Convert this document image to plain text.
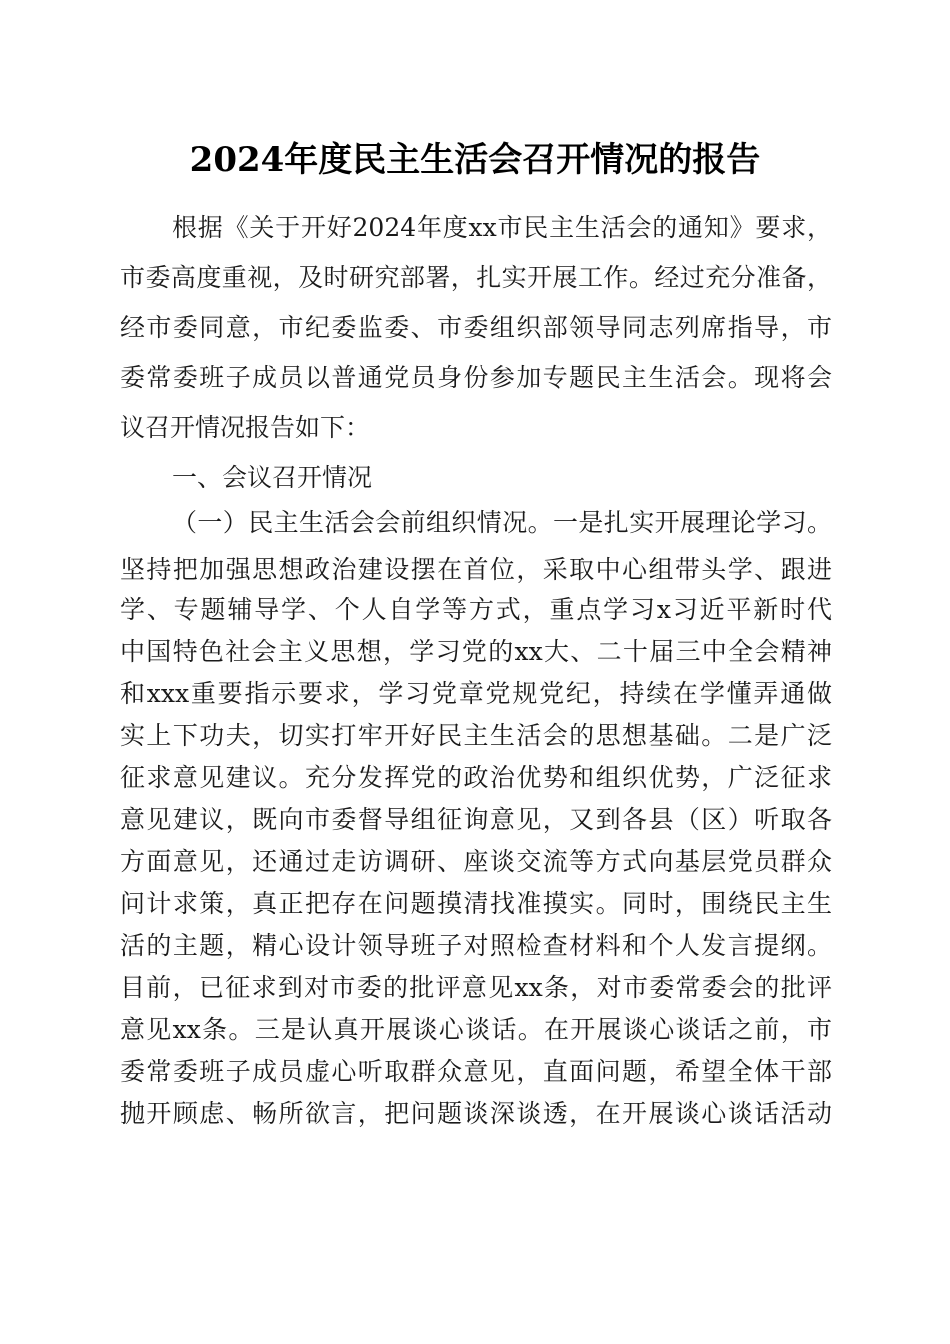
2024年度民主生活会召开情况的报告
根据《关于开好2024年度xx市民主生活会的通知》要求，
市委高度重视，及时研究部署，扎实开展工作。经过充分准备，
经市委同意，市纪委监委、市委组织部领导同志列席指导，市
委常委班子成员以普通党员身份参加专题民主生活会。现将会
议召开情况报告如下：
一、会议召开情况
（一）民主生活会会前组织情况。一是扎实开展理论学习。
坚持把加强思想政治建设摆在首位，采取中心组带头学、跟进
学、专题辅导学、个人自学等方式，重点学习x习近平新时代
中国特色社会主义思想，学习党的xx大、二十届三中全会精神
和xxx重要指示要求，学习党章党规党纪，持续在学懂弄通做
实上下功夫，切实打牢开好民主生活会的思想基础。二是广泛
征求意见建议。充分发挥党的政治优势和组织优势，广泛征求
意见建议，既向市委督导组征询意见，又到各县（区）听取各
方面意见，还通过走访调研、座谈交流等方式向基层党员群众
问计求策，真正把存在问题摸清找准摸实。同时，围绕民主生
活的主题，精心设计领导班子对照检查材料和个人发言提纲。
目前，已征求到对市委的批评意见xx条，对市委常委会的批评
意见xx条。三是认真开展谈心谈话。在开展谈心谈话之前，市
委常委班子成员虚心听取群众意见，直面问题，希望全体干部
抛开顾虑、畅所欲言，把问题谈深谈透，在开展谈心谈话活动
